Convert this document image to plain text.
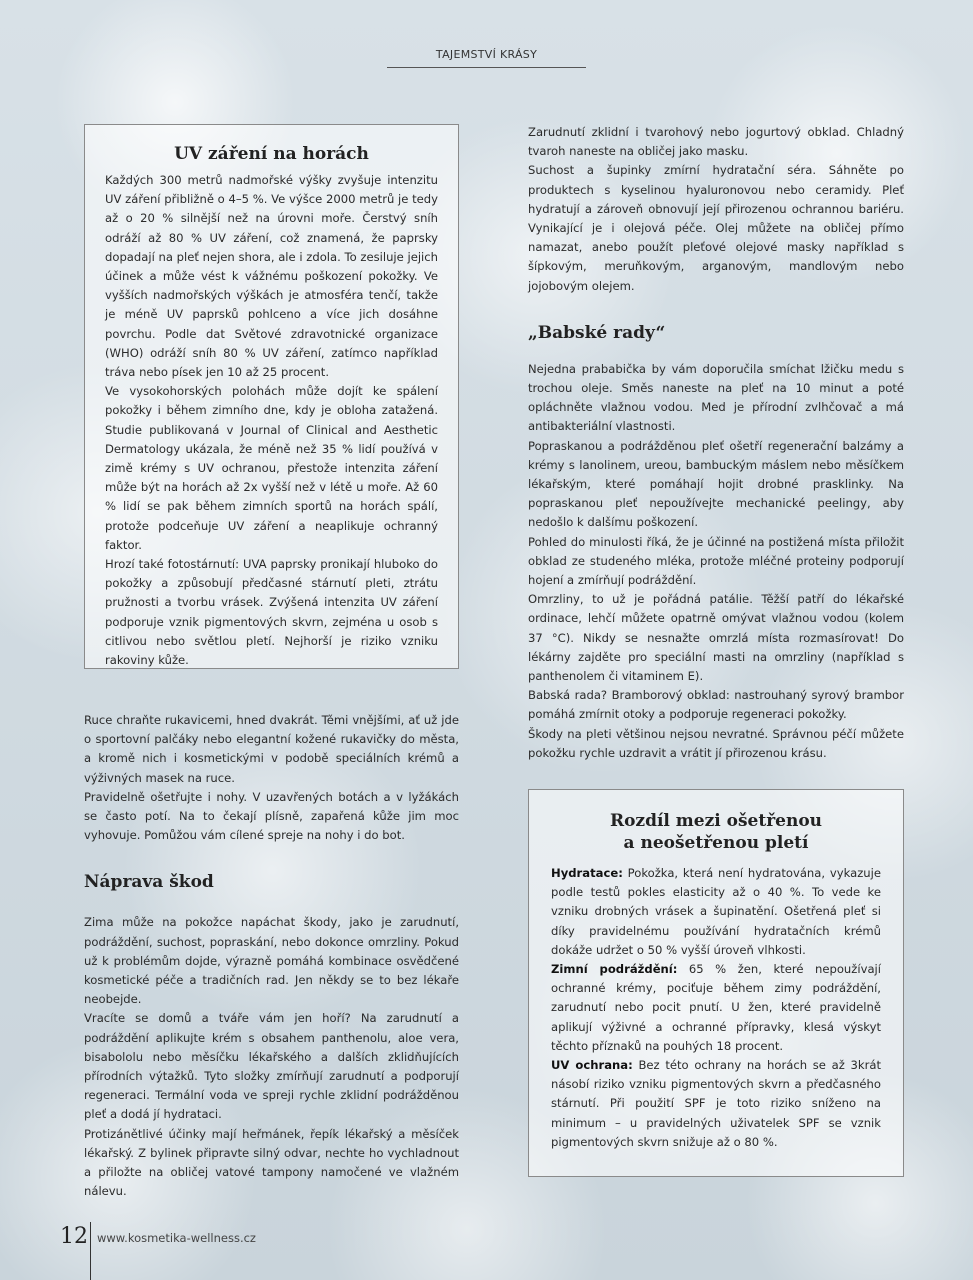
TAJEMSTVÍ KRÁSY
UV záření na horách

Každých 300 metrů nadmořské výšky zvyšuje intenzitu UV záření přibližně o 4–5 %. Ve výšce 2000 metrů je tedy až o 20 % silnější než na úrovni moře. Čerstvý sníh odráží až 80 % UV záření, což znamená, že paprsky dopadají na pleť nejen shora, ale i zdola. To zesiluje jejich účinek a může vést k vážnému poškození pokožky. Ve vyšších nadmořských výškách je atmosféra tenčí, takže je méně UV paprsků pohlceno a více jich dosáhne povrchu. Podle dat Světové zdravotnické organizace (WHO) odráží sníh 80 % UV záření, zatímco například tráva nebo písek jen 10 až 25 procent.

Ve vysokohorských polohách může dojít ke spálení pokožky i během zimního dne, kdy je obloha zatažená. Studie publikovaná v Journal of Clinical and Aesthetic Dermatology ukázala, že méně než 35 % lidí používá v zimě krémy s UV ochranou, přestože intenzita záření může být na horách až 2x vyšší než v létě u moře. Až 60 % lidí se pak během zimních sportů na horách spálí, protože podceňuje UV záření a neaplikuje ochranný faktor.

Hrozí také fotostárnutí: UVA paprsky pronikají hluboko do pokožky a způsobují předčasné stárnutí pleti, ztrátu pružnosti a tvorbu vrásek. Zvýšená intenzita UV záření podporuje vznik pigmentových skvrn, zejména u osob s citlivou nebo světlou pletí. Nejhorší je riziko vzniku rakoviny kůže.

Ruce chraňte rukavicemi, hned dvakrát. Těmi vnějšími, ať už jde o sportovní palčáky nebo elegantní kožené rukavičky do města, a kromě nich i kosmetickými v podobě speciálních krémů a výživných masek na ruce.

Pravidelně ošetřujte i nohy. V uzavřených botách a v lyžákách se často potí. Na to čekají plísně, zapařená kůže jim moc vyhovuje. Pomůžou vám cílené spreje na nohy i do bot.

Náprava škod

Zima může na pokožce napáchat škody, jako je zarudnutí, podráždění, suchost, popraskání, nebo dokonce omrzliny. Pokud už k problémům dojde, výrazně pomáhá kombinace osvědčené kosmetické péče a tradičních rad. Jen někdy se to bez lékaře neobejde.

Vracíte se domů a tváře vám jen hoří? Na zarudnutí a podráždění aplikujte krém s obsahem panthenolu, aloe vera, bisabololu nebo měsíčku lékařského a dalších zklidňujících přírodních výtažků. Tyto složky zmírňují zarudnutí a podporují regeneraci. Termální voda ve spreji rychle zklidní podrážděnou pleť a dodá jí hydrataci.

Protizánětlivé účinky mají heřmánek, řepík lékařský a měsíček lékařský. Z bylinek připravte silný odvar, nechte ho vychladnout a přiložte na obličej vatové tampony namočené ve vlažném nálevu.

Zarudnutí zklidní i tvarohový nebo jogurtový obklad. Chladný tvaroh naneste na obličej jako masku.

Suchost a šupinky zmírní hydratační séra. Sáhněte po produktech s kyselinou hyaluronovou nebo ceramidy. Pleť hydratují a zároveň obnovují její přirozenou ochrannou bariéru. Vynikající je i olejová péče. Olej můžete na obličej přímo namazat, anebo použít pleťové olejové masky například s šípkovým, meruňkovým, arganovým, mandlovým nebo jojobovým olejem.

„Babské rady“

Nejedna prababička by vám doporučila smíchat lžičku medu s trochou oleje. Směs naneste na pleť na 10 minut a poté opláchněte vlažnou vodou. Med je přírodní zvlhčovač a má antibakteriální vlastnosti.

Popraskanou a podrážděnou pleť ošetří regenerační balzámy a krémy s lanolinem, ureou, bambuckým máslem nebo měsíčkem lékařským, které pomáhají hojit drobné prasklinky. Na popraskanou pleť nepoužívejte mechanické peelingy, aby nedošlo k dalšímu poškození.

Pohled do minulosti říká, že je účinné na postižená místa přiložit obklad ze studeného mléka, protože mléčné proteiny podporují hojení a zmírňují podráždění.

Omrzliny, to už je pořádná patálie. Těžší patří do lékařské ordinace, lehčí můžete opatrně omývat vlažnou vodou (kolem 37 °C). Nikdy se nesnažte omrzlá místa rozmasírovat! Do lékárny zajděte pro speciální masti na omrzliny (například s panthenolem či vitaminem E).

Babská rada? Bramborový obklad: nastrouhaný syrový brambor pomáhá zmírnit otoky a podporuje regeneraci pokožky.

Škody na pleti většinou nejsou nevratné. Správnou péčí můžete pokožku rychle uzdravit a vrátit jí přirozenou krásu.

Rozdíl mezi ošetřenou
a neošetřenou pletí

Hydratace: Pokožka, která není hydratována, vykazuje podle testů pokles elasticity až o 40 %. To vede ke vzniku drobných vrásek a šupinatění. Ošetřená pleť si díky pravidelnému používání hydratačních krémů dokáže udržet o 50 % vyšší úroveň vlhkosti.

Zimní podráždění: 65 % žen, které nepoužívají ochranné krémy, pociťuje během zimy podráždění, zarudnutí nebo pocit pnutí. U žen, které pravidelně aplikují výživné a ochranné přípravky, klesá výskyt těchto příznaků na pouhých 18 procent.

UV ochrana: Bez této ochrany na horách se až 3krát násobí riziko vzniku pigmentových skvrn a předčasného stárnutí. Při použití SPF je toto riziko sníženo na minimum – u pravidelných uživatelek SPF se vznik pigmentových skvrn snižuje až o 80 %.

12 www.kosmetika-wellness.cz
